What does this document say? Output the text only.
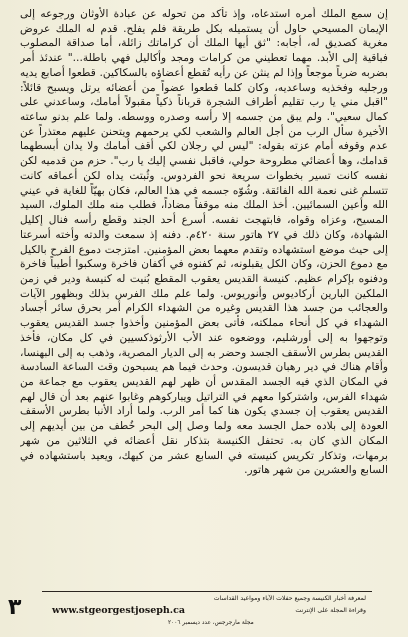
إن سمع الملك أمره استدعاه، وإذ تأكد من تحوله عن عبادة الأوثان ورجوعه إلى الإيمان المسيحي حاول أن يستميله بكل طريقة فلم يفلح. قدم له الملك عروض مغرية كصديق له، أجابه: "ثق أيها الملك أن كراماتك زائلة، أما صداقة المصلوب فباقية إلى الأبد. مهما تعطيني من كرامات ومجد وأكاليل فهي باطلة..." عندئذ أمر بضربه ضرباً موجعاً وإذا لم ينثن عن رأيه تُقطع أعضاؤه بالسكاكين. قطعوا أصابع يديه ورجليه وفخذيه وساعديه، وكان كلما قطعوا عضواً من أعضائه يرتل ويسبح قائلاً: "اقبل مني يا رب تقليم أطراف الشجرة قرباناً ذكياً مقبولاً أمامك، وساعدني على كمال سعيي". ولم يبق من جسمه إلا رأسه وصدره ووسطه. ولما علم بدنو ساعته الأخيرة سأل الرب من أجل العالم والشعب لكي يرحمهم ويتحنن عليهم معتذراً عن عدم وقوفه أمام عزته بقوله: "ليس لي رجلان لكي أقف أمامك ولا يدان أبسطهما قدامك، وها أعضائي مطروحة حولي، فاقبل نفسي إليك يا رب". حزم من قدميه لكن نفسه كانت تسير بخطوات سريعة نحو الفردوس. وثُبتت يداه لكن أعماقه كانت تتسلم غنى نعمة الله الفائقة. وشُوّه جسمه في هذا العالم، فكان بهيّاً للغاية في عيني الله وأعين السمائيين. أخذ الملك منه موقفاً مضاداً، فطلب منه ملك الملوك، السيد المسيح، وعزاه وقواه، فابتهجت نفسه. أسرع أحد الجند وقطع رأسه فنال إكليل الشهادة، وكان ذلك في ٢٧ هاتور سنة ٤٢٠م. دفنه إذ سمعت والدته وأخته أسرعتا إلى حيث موضع استشهاده وتقدم معهما بعض المؤمنين. امتزجت دموع الفرح بالكيل مع دموع الحزن، وكان الكل يقبلونه، ثم كفنوه في أكفان فاخرة وسكبوا أطيباً فاخرة ودفنوه بإكرام عظيم. كنيسة القديس يعقوب المقطع بُنيت له كنيسة ودير في زمن الملكين البارين أركاديوس وأنوريوس. ولما علم ملك الفرس بذلك وبظهور الآيات والعجائب من جسد هذا القديس وغيره من الشهداء الكرام أمر بحرق سائر أجساد الشهداء في كل أنحاء مملكته، فأتى بعض المؤمنين وأخذوا جسد القديس يعقوب وتوجهوا به إلى أورشليم، ووضعوه عند الأب الأرثوذكسيين في كل مكان، فأخذ القديس بطرس الأسقف الجسد وحضر به إلى الديار المصرية، وذهب به إلى البهنسا، وأقام هناك في دير رهبان قديسون. وحدث فيما هم يسبحون وقت الساعة السادسة في المكان الذي فيه الجسد المقدس أن ظهر لهم القديس يعقوب مع جماعة من شهداء الفرس، واشتركوا معهم في التراتيل ويباركوهم وغابوا عنهم بعد أن قال لهم القديس يعقوب إن جسدي يكون هنا كما أمر الرب. ولما أراد الأنبا بطرس الأسقف العودة إلى بلاده حمل الجسد معه ولما وصل إلى البحر خُطف من بين أيديهم إلى المكان الذي كان به. تحتفل الكنيسة بتذكار نقل أعضائه في الثلاثين من شهر برمهات، وتذكار تكريس كنيسته في السابع عشر من كيهك، ويعيد باستشهاده في السابع والعشرين من شهر هاتور.

لمعرفة أخبار الكنيسة وجميع حفلات الآباء ومواعيد القداسات
وقراءة المجلة على الإنترنت
www.stgeorgestjoseph.ca
مجلة مارجرجس، عدد ديسمبر ٢٠٠٦
٣
